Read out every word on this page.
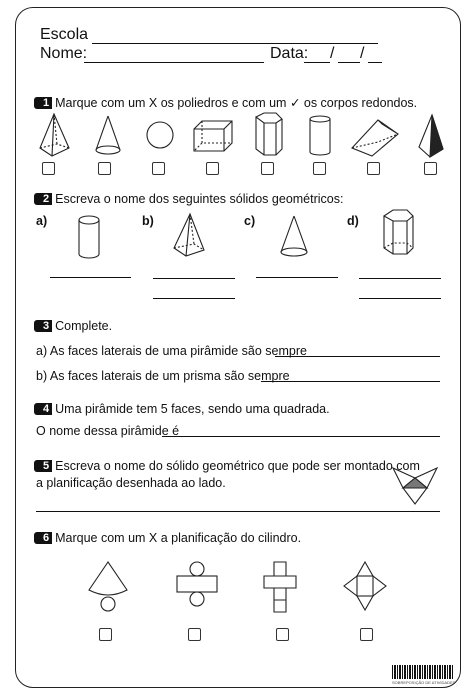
Escola
Nome:	Data: / /
1 Marque com um X os poliedros e com um ✓ os corpos redondos.
2 Escreva o nome dos seguintes sólidos geométricos:
a)	b)	c)	d)
3 Complete.
a) As faces laterais de uma pirâmide são sempre
b) As faces laterais de um prisma são sempre
4 Uma pirâmide tem 5 faces, sendo uma quadrada.
O nome dessa pirâmide é
5 Escreva o nome do sólido geométrico que pode ser montado com
a planificação desenhada ao lado.
6 Marque com um X a planificação do cilindro.
SOBREPOSIÇÃO DE ATIVIDADES
